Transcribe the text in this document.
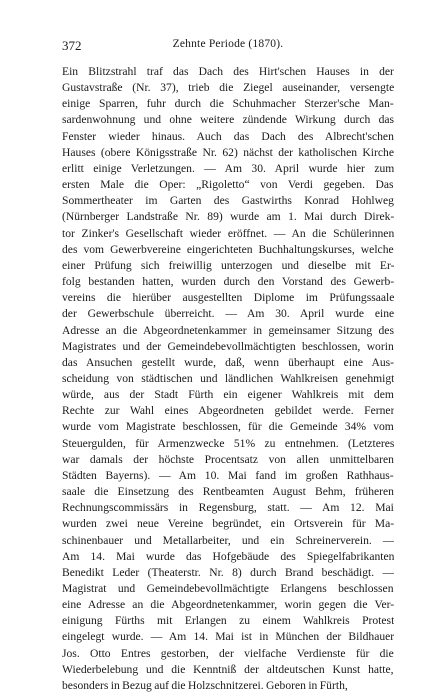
372	Zehnte Periode (1870).

Ein Blitzstrahl traf das Dach des Hirt'schen Hauses in der
Gustavstraße (Nr. 37), trieb die Ziegel auseinander, versengte
einige Sparren, fuhr durch die Schuhmacher Sterzer'sche Man-
sardenwohnung und ohne weitere zündende Wirkung durch das
Fenster wieder hinaus. Auch das Dach des Albrecht'schen
Hauses (obere Königsstraße Nr. 62) nächst der katholischen Kirche
erlitt einige Verletzungen. — Am 30. April wurde hier zum
ersten Male die Oper: „Rigoletto“ von Verdi gegeben. Das
Sommertheater im Garten des Gastwirths Konrad Hohlweg
(Nürnberger Landstraße Nr. 89) wurde am 1. Mai durch Direk-
tor Zinker's Gesellschaft wieder eröffnet. — An die Schülerinnen
des vom Gewerbvereine eingerichteten Buchhaltungskurses, welche
einer Prüfung sich freiwillig unterzogen und dieselbe mit Er-
folg bestanden hatten, wurden durch den Vorstand des Gewerb-
vereins die hierüber ausgestellten Diplome im Prüfungssaale
der Gewerbschule überreicht. — Am 30. April wurde eine
Adresse an die Abgeordnetenkammer in gemeinsamer Sitzung des
Magistrates und der Gemeindebevollmächtigten beschlossen, worin
das Ansuchen gestellt wurde, daß, wenn überhaupt eine Aus-
scheidung von städtischen und ländlichen Wahlkreisen genehmigt
würde, aus der Stadt Fürth ein eigener Wahlkreis mit dem
Rechte zur Wahl eines Abgeordneten gebildet werde. Ferner
wurde vom Magistrate beschlossen, für die Gemeinde 34% vom
Steuergulden, für Armenzwecke 51% zu entnehmen. (Letzteres
war damals der höchste Procentsatz von allen unmittelbaren
Städten Bayerns). — Am 10. Mai fand im großen Rathhaus-
saale die Einsetzung des Rentbeamten August Behm, früheren
Rechnungscommissärs in Regensburg, statt. — Am 12. Mai
wurden zwei neue Vereine begründet, ein Ortsverein für Ma-
schinenbauer und Metallarbeiter, und ein Schreinerverein. —
Am 14. Mai wurde das Hofgebäude des Spiegelfabrikanten
Benedikt Leder (Theaterstr. Nr. 8) durch Brand beschädigt. —
Magistrat und Gemeindebevollmächtigte Erlangens beschlossen
eine Adresse an die Abgeordnetenkammer, worin gegen die Ver-
einigung Fürths mit Erlangen zu einem Wahlkreis Protest
eingelegt wurde. — Am 14. Mai ist in München der Bildhauer
Jos. Otto Entres gestorben, der vielfache Verdienste für die
Wiederbelebung und die Kenntniß der altdeutschen Kunst hatte,
besonders in Bezug auf die Holzschnitzerei. Geboren in Fürth,
